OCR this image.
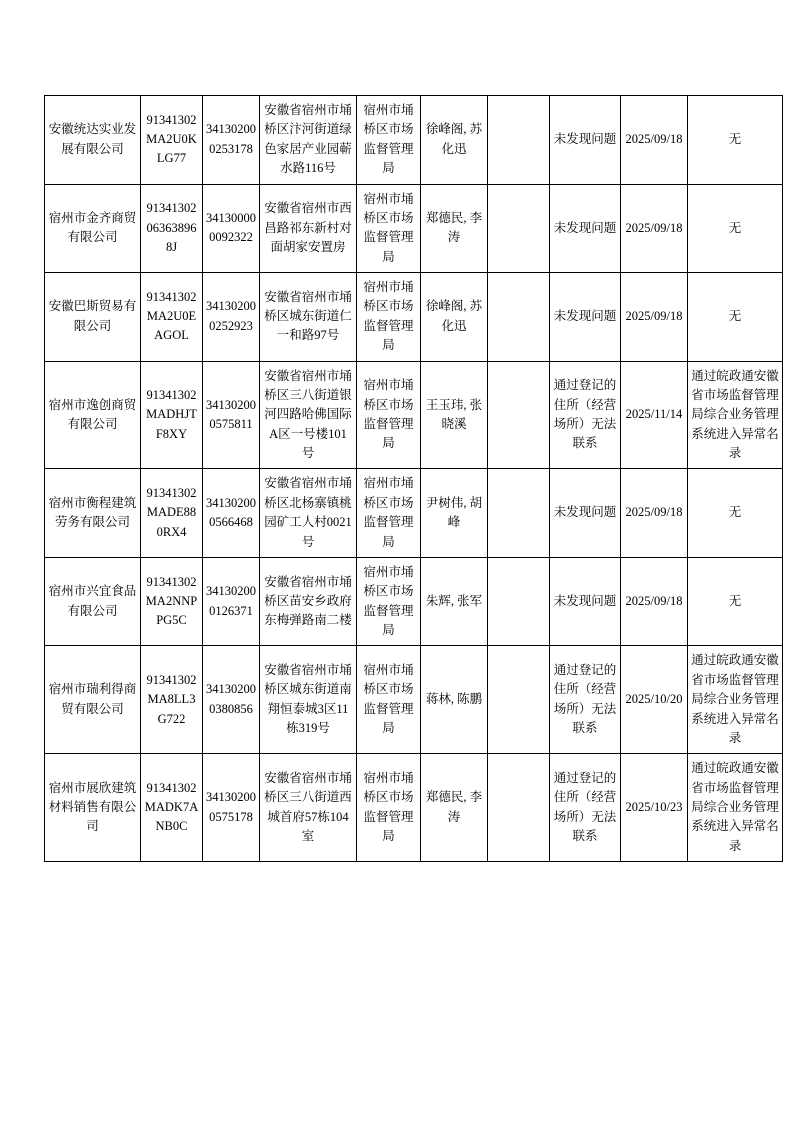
安徽统达实业发展有限公司	91341302MA2U0KLG77	341302000253178	安徽省宿州市埇桥区汴河街道绿色家居产业园蕲水路116号	宿州市埇桥区市场监督管理局	徐峰阁, 苏化迅		未发现问题	2025/09/18	无
宿州市金齐商贸有限公司	9134130206363896 8J	341300000092322	安徽省宿州市西昌路祁东新村对面胡家安置房	宿州市埇桥区市场监督管理局	郑德民, 李涛		未发现问题	2025/09/18	无
安徽巴斯贸易有限公司	91341302MA2U0EAGOL	341302000252923	安徽省宿州市埇桥区城东街道仁一和路97号	宿州市埇桥区市场监督管理局	徐峰阁, 苏化迅		未发现问题	2025/09/18	无
宿州市逸创商贸有限公司	91341302MADHJTF8XY	341302000575811	安徽省宿州市埇桥区三八街道银河四路哈佛国际A区一号楼101号	宿州市埇桥区市场监督管理局	王玉玮, 张晓溪		通过登记的住所（经营场所）无法联系	2025/11/14	通过皖政通安徽省市场监督管理局综合业务管理系统进入异常名录
宿州市衡程建筑劳务有限公司	91341302MADE880RX4	341302000566468	安徽省宿州市埇桥区北杨寨镇桃园矿工人村0021号	宿州市埇桥区市场监督管理局	尹树伟, 胡峰		未发现问题	2025/09/18	无
宿州市兴宜食品有限公司	91341302MA2NNPPG5C	341302000126371	安徽省宿州市埇桥区苗安乡政府东梅弹路南二楼	宿州市埇桥区市场监督管理局	朱辉, 张军		未发现问题	2025/09/18	无
宿州市瑞利得商贸有限公司	91341302MA8LL3G722	341302000380856	安徽省宿州市埇桥区城东街道南翔恒泰城3区11栋319号	宿州市埇桥区市场监督管理局	蒋林, 陈鹏		通过登记的住所（经营场所）无法联系	2025/10/20	通过皖政通安徽省市场监督管理局综合业务管理系统进入异常名录
宿州市展欣建筑材料销售有限公司	91341302MADK7ANB0C	341302000575178	安徽省宿州市埇桥区三八街道西城首府57栋104室	宿州市埇桥区市场监督管理局	郑德民, 李涛		通过登记的住所（经营场所）无法联系	2025/10/23	通过皖政通安徽省市场监督管理局综合业务管理系统进入异常名录
